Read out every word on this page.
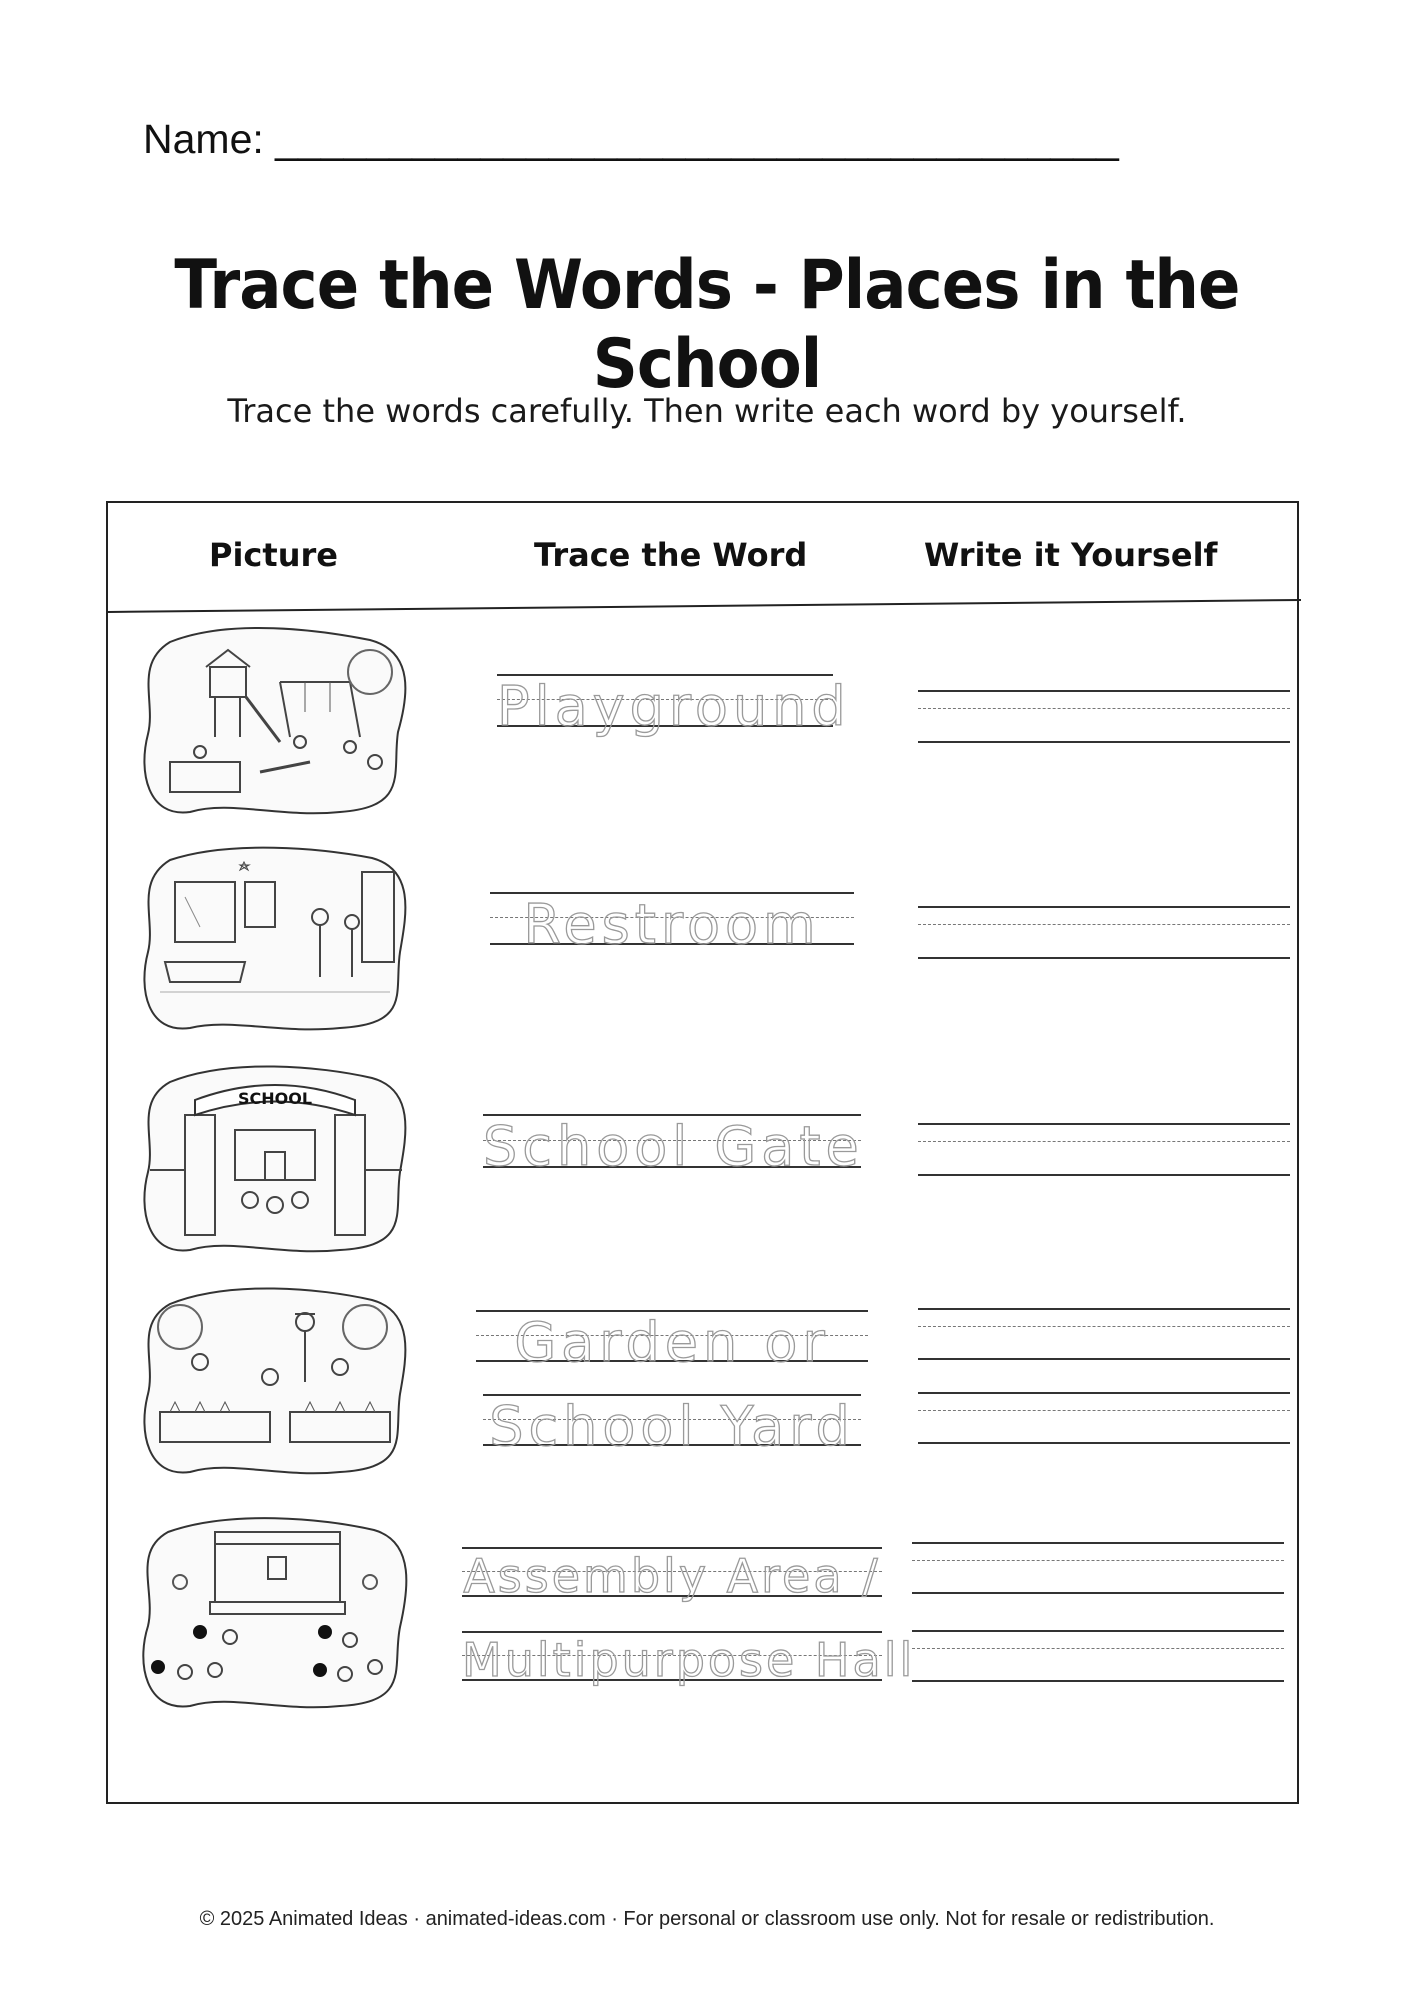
Name: _____________________________________
Trace the Words - Places in the School
Trace the words carefully. Then write each word by yourself.
Picture	Trace the Word	Write it Yourself
Playground
Restroom
SCHOOL
School Gate
Garden or
School Yard
Assembly Area /
Multipurpose Hall
© 2025 Animated Ideas · animated-ideas.com · For personal or classroom use only. Not for resale or redistribution.
